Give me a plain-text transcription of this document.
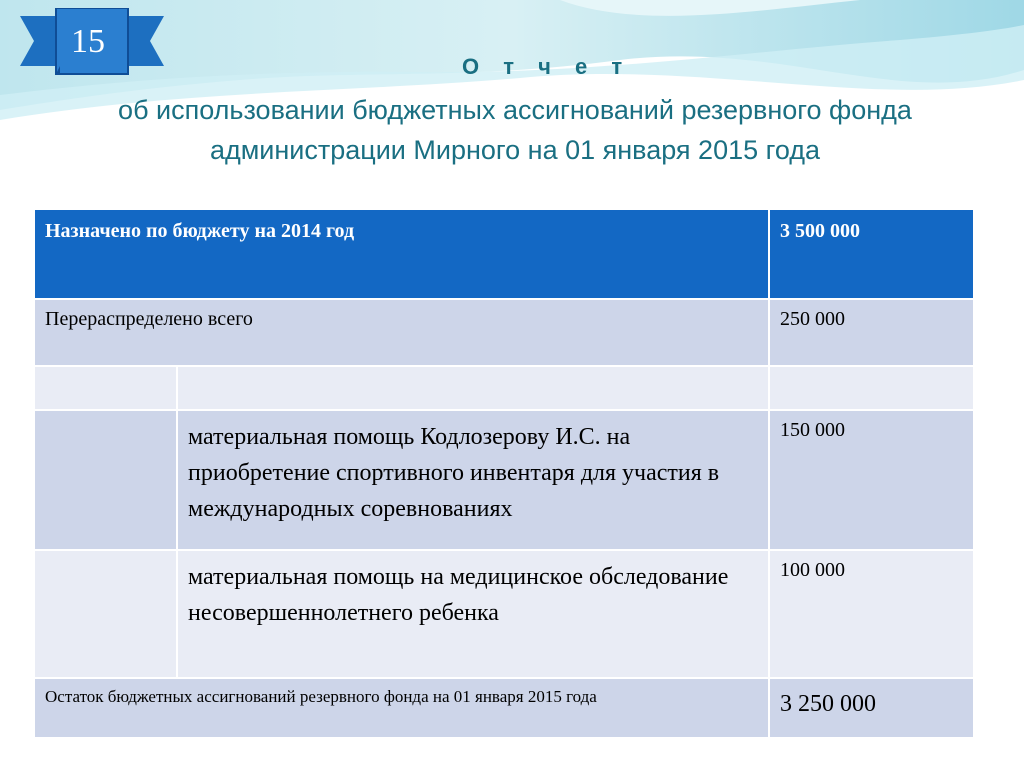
15
О т ч е т
об использовании бюджетных ассигнований резервного фонда
администрации Мирного на 01 января 2015 года
Назначено по бюджету на 2014 год		3 500 000
Перераспределено всего		250 000

	материальная помощь Кодлозерову И.С. на приобретение спортивного инвентаря для участия в международных соревнованиях	150 000
	материальная помощь на медицинское обследование несовершеннолетнего ребенка	100 000
Остаток бюджетных ассигнований резервного фонда на 01 января 2015 года		3 250 000
